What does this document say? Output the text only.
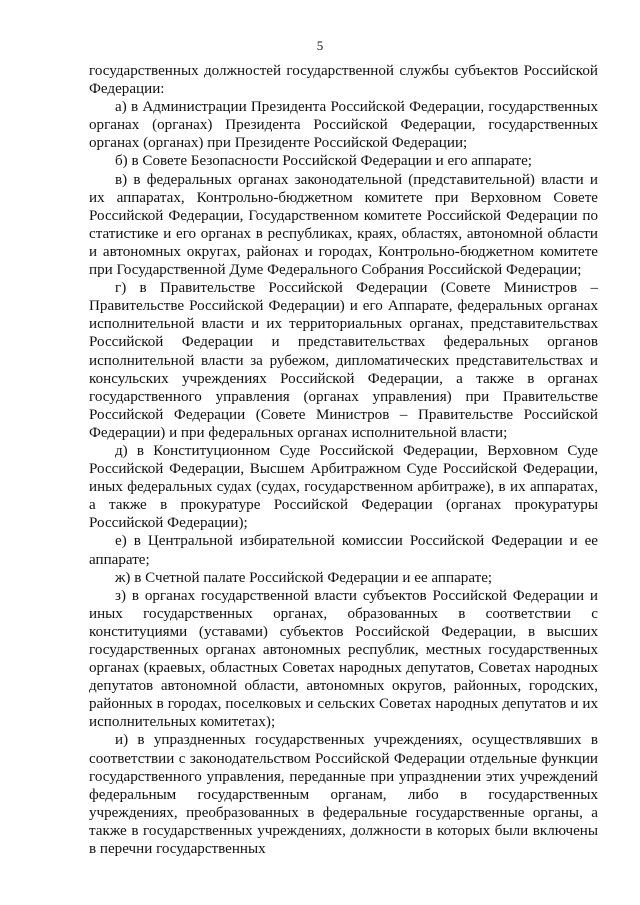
5

государственных должностей государственной службы субъектов Российской Федерации:

а) в Администрации Президента Российской Федерации, государственных органах (органах) Президента Российской Федерации, государственных органах (органах) при Президенте Российской Федерации;

б) в Совете Безопасности Российской Федерации и его аппарате;

в) в федеральных органах законодательной (представительной) власти и их аппаратах, Контрольно-бюджетном комитете при Верховном Совете Российской Федерации, Государственном комитете Российской Федерации по статистике и его органах в республиках, краях, областях, автономной области и автономных округах, районах и городах, Контрольно-бюджетном комитете при Государственной Думе Федерального Собрания Российской Федерации;

г) в Правительстве Российской Федерации (Совете Министров – Правительстве Российской Федерации) и его Аппарате, федеральных органах исполнительной власти и их территориальных органах, представительствах Российской Федерации и представительствах федеральных органов исполнительной власти за рубежом, дипломатических представительствах и консульских учреждениях Российской Федерации, а также в органах государственного управления (органах управления) при Правительстве Российской Федерации (Совете Министров – Правительстве Российской Федерации) и при федеральных органах исполнительной власти;

д) в Конституционном Суде Российской Федерации, Верховном Суде Российской Федерации, Высшем Арбитражном Суде Российской Федерации, иных федеральных судах (судах, государственном арбитраже), в их аппаратах, а также в прокуратуре Российской Федерации (органах прокуратуры Российской Федерации);

е) в Центральной избирательной комиссии Российской Федерации и ее аппарате;

ж) в Счетной палате Российской Федерации и ее аппарате;

з) в органах государственной власти субъектов Российской Федерации и иных государственных органах, образованных в соответствии с конституциями (уставами) субъектов Российской Федерации, в высших государственных органах автономных республик, местных государственных органах (краевых, областных Советах народных депутатов, Советах народных депутатов автономной области, автономных округов, районных, городских, районных в городах, поселковых и сельских Советах народных депутатов и их исполнительных комитетах);

и) в упраздненных государственных учреждениях, осуществлявших в соответствии с законодательством Российской Федерации отдельные функции государственного управления, переданные при упразднении этих учреждений федеральным государственным органам, либо в государственных учреждениях, преобразованных в федеральные государственные органы, а также в государственных учреждениях, должности в которых были включены в перечни государственных
